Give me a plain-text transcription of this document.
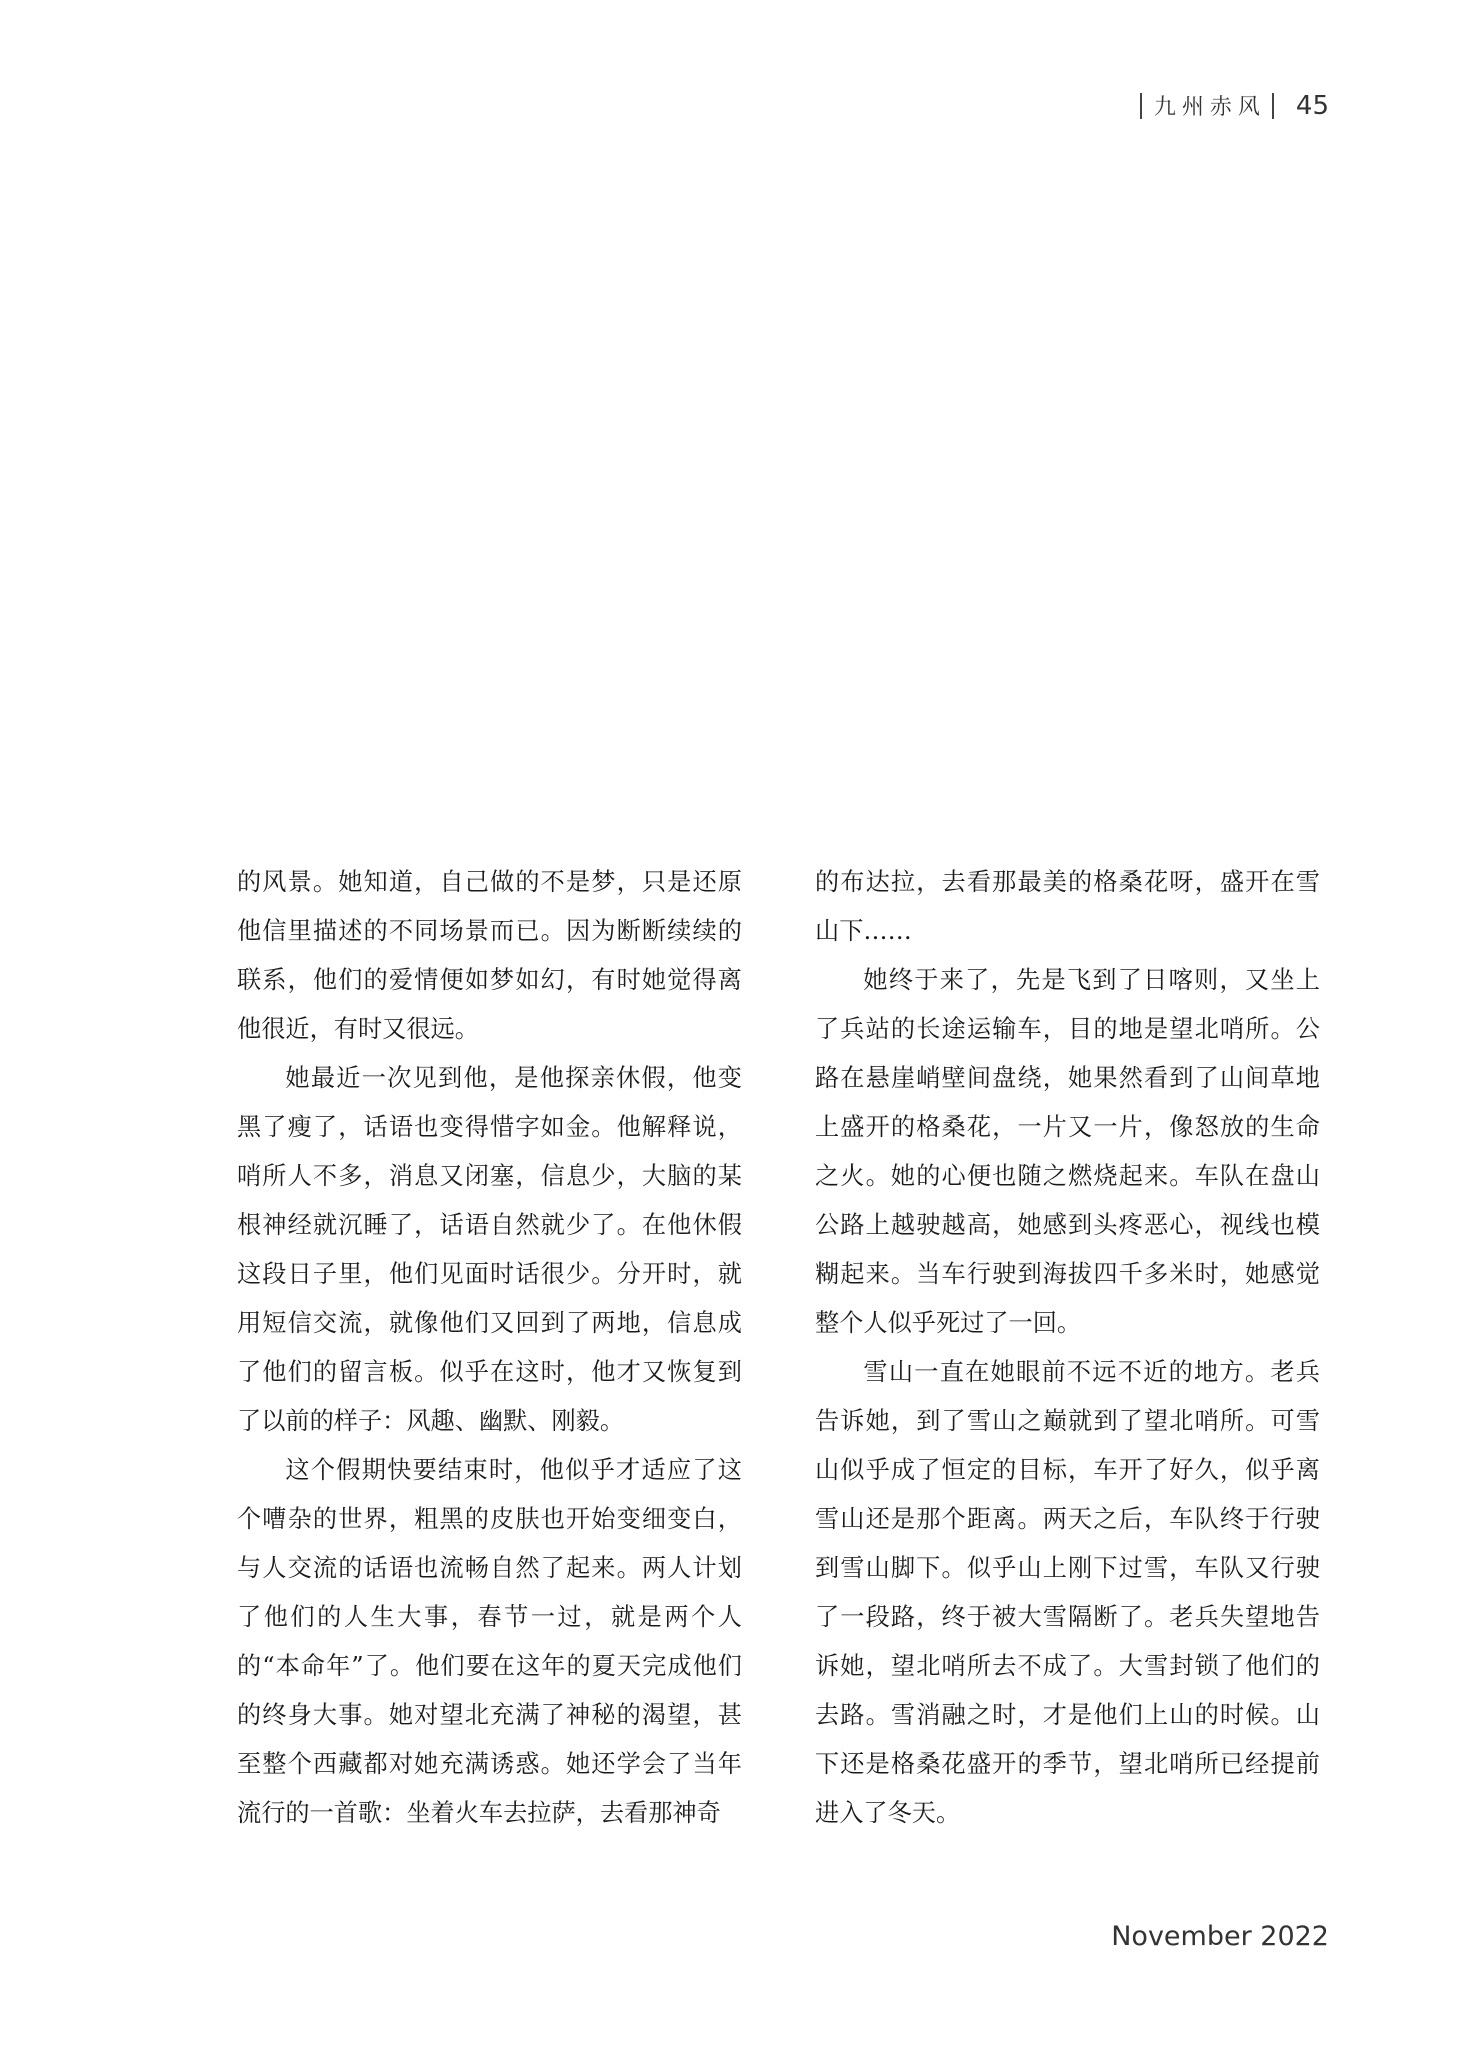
九州赤风 45

的风景。她知道，自己做的不是梦，只是还原他信里描述的不同场景而已。因为断断续续的联系，他们的爱情便如梦如幻，有时她觉得离他很近，有时又很远。

她最近一次见到他，是他探亲休假，他变黑了瘦了，话语也变得惜字如金。他解释说，哨所人不多，消息又闭塞，信息少，大脑的某根神经就沉睡了，话语自然就少了。在他休假这段日子里，他们见面时话很少。分开时，就用短信交流，就像他们又回到了两地，信息成了他们的留言板。似乎在这时，他才又恢复到了以前的样子：风趣、幽默、刚毅。

这个假期快要结束时，他似乎才适应了这个嘈杂的世界，粗黑的皮肤也开始变细变白，与人交流的话语也流畅自然了起来。两人计划了他们的人生大事，春节一过，就是两个人的“本命年”了。他们要在这年的夏天完成他们的终身大事。她对望北充满了神秘的渴望，甚至整个西藏都对她充满诱惑。她还学会了当年流行的一首歌：坐着火车去拉萨，去看那神奇

的布达拉，去看那最美的格桑花呀，盛开在雪山下……

她终于来了，先是飞到了日喀则，又坐上了兵站的长途运输车，目的地是望北哨所。公路在悬崖峭壁间盘绕，她果然看到了山间草地上盛开的格桑花，一片又一片，像怒放的生命之火。她的心便也随之燃烧起来。车队在盘山公路上越驶越高，她感到头疼恶心，视线也模糊起来。当车行驶到海拔四千多米时，她感觉整个人似乎死过了一回。

雪山一直在她眼前不远不近的地方。老兵告诉她，到了雪山之巅就到了望北哨所。可雪山似乎成了恒定的目标，车开了好久，似乎离雪山还是那个距离。两天之后，车队终于行驶到雪山脚下。似乎山上刚下过雪，车队又行驶了一段路，终于被大雪隔断了。老兵失望地告诉她，望北哨所去不成了。大雪封锁了他们的去路。雪消融之时，才是他们上山的时候。山下还是格桑花盛开的季节，望北哨所已经提前进入了冬天。

November 2022
